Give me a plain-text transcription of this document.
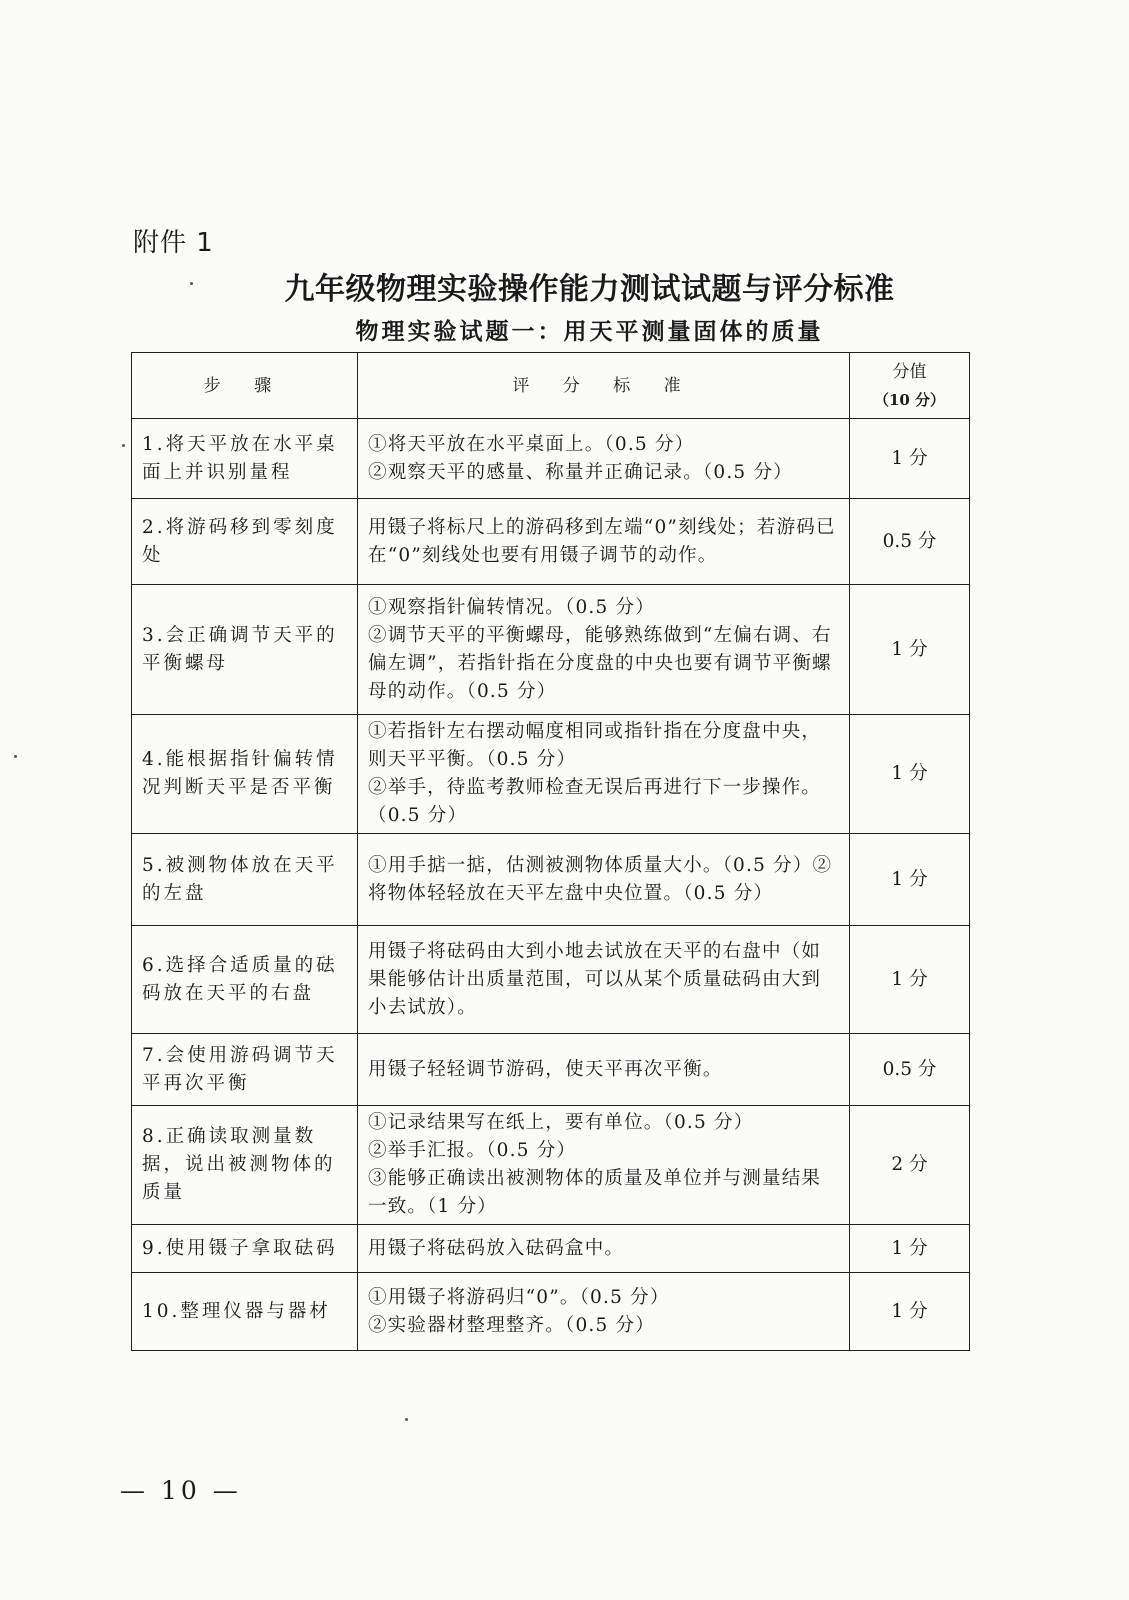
附件 1
九年级物理实验操作能力测试试题与评分标准
物理实验试题一：用天平测量固体的质量
步 骤	评 分 标 准	分值
（10 分）
1.将天平放在水平桌面上并识别量程	①将天平放在水平桌面上。（0.5 分）
②观察天平的感量、称量并正确记录。（0.5 分）	1 分
2.将游码移到零刻度处	用镊子将标尺上的游码移到左端“0”刻线处；若游码已在“0”刻线处也要有用镊子调节的动作。	0.5 分
3.会正确调节天平的平衡螺母	①观察指针偏转情况。（0.5 分）
②调节天平的平衡螺母，能够熟练做到“左偏右调、右偏左调”，若指针指在分度盘的中央也要有调节平衡螺母的动作。（0.5 分）	1 分
4.能根据指针偏转情况判断天平是否平衡	①若指针左右摆动幅度相同或指针指在分度盘中央，则天平平衡。（0.5 分）
②举手，待监考教师检查无误后再进行下一步操作。（0.5 分）	1 分
5.被测物体放在天平的左盘	①用手掂一掂，估测被测物体质量大小。（0.5 分）②将物体轻轻放在天平左盘中央位置。（0.5 分）	1 分
6.选择合适质量的砝码放在天平的右盘	用镊子将砝码由大到小地去试放在天平的右盘中（如果能够估计出质量范围，可以从某个质量砝码由大到小去试放）。	1 分
7.会使用游码调节天平再次平衡	用镊子轻轻调节游码，使天平再次平衡。	0.5 分
8.正确读取测量数据，说出被测物体的质量	①记录结果写在纸上，要有单位。（0.5 分）
②举手汇报。（0.5 分）
③能够正确读出被测物体的质量及单位并与测量结果一致。（1 分）	2 分
9.使用镊子拿取砝码	用镊子将砝码放入砝码盒中。	1 分
10.整理仪器与器材	①用镊子将游码归“0”。（0.5 分）
②实验器材整理整齐。（0.5 分）	1 分
— 10 —
